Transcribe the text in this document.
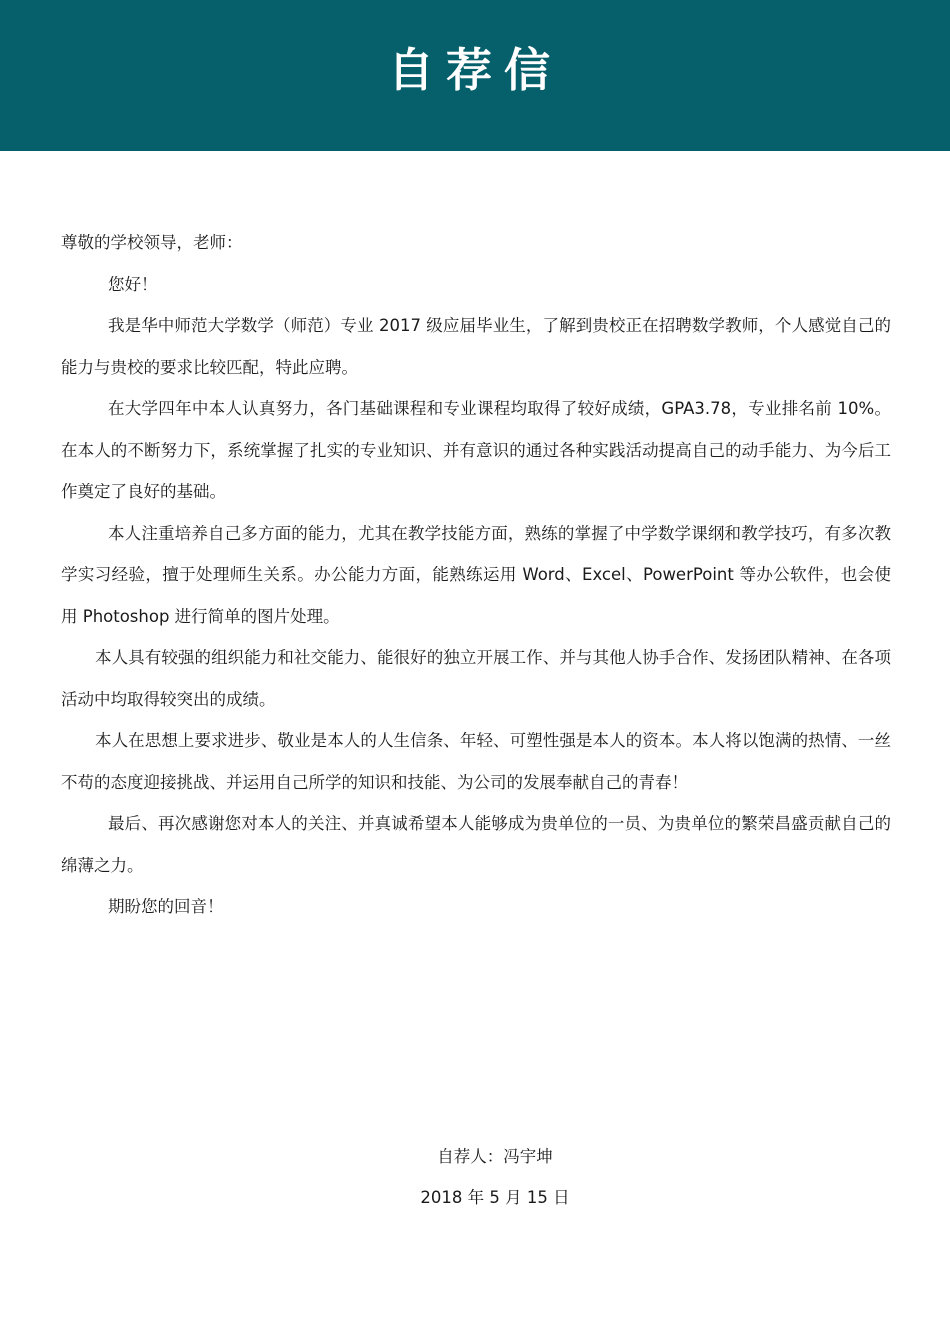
自荐信

尊敬的学校领导，老师：

您好！

我是华中师范大学数学（师范）专业 2017 级应届毕业生，了解到贵校正在招聘数学教师，个人感觉自己的能力与贵校的要求比较匹配，特此应聘。

在大学四年中本人认真努力，各门基础课程和专业课程均取得了较好成绩，GPA3.78，专业排名前 10%。在本人的不断努力下，系统掌握了扎实的专业知识、并有意识的通过各种实践活动提高自己的动手能力、为今后工作奠定了良好的基础。

本人注重培养自己多方面的能力，尤其在教学技能方面，熟练的掌握了中学数学课纲和教学技巧，有多次教学实习经验，擅于处理师生关系。办公能力方面，能熟练运用 Word、Excel、PowerPoint 等办公软件，也会使用 Photoshop 进行简单的图片处理。

本人具有较强的组织能力和社交能力、能很好的独立开展工作、并与其他人协手合作、发扬团队精神、在各项活动中均取得较突出的成绩。

本人在思想上要求进步、敬业是本人的人生信条、年轻、可塑性强是本人的资本。本人将以饱满的热情、一丝不苟的态度迎接挑战、并运用自己所学的知识和技能、为公司的发展奉献自己的青春！

最后、再次感谢您对本人的关注、并真诚希望本人能够成为贵单位的一员、为贵单位的繁荣昌盛贡献自己的绵薄之力。

期盼您的回音！

自荐人：冯宇坤
2018 年 5 月 15 日
